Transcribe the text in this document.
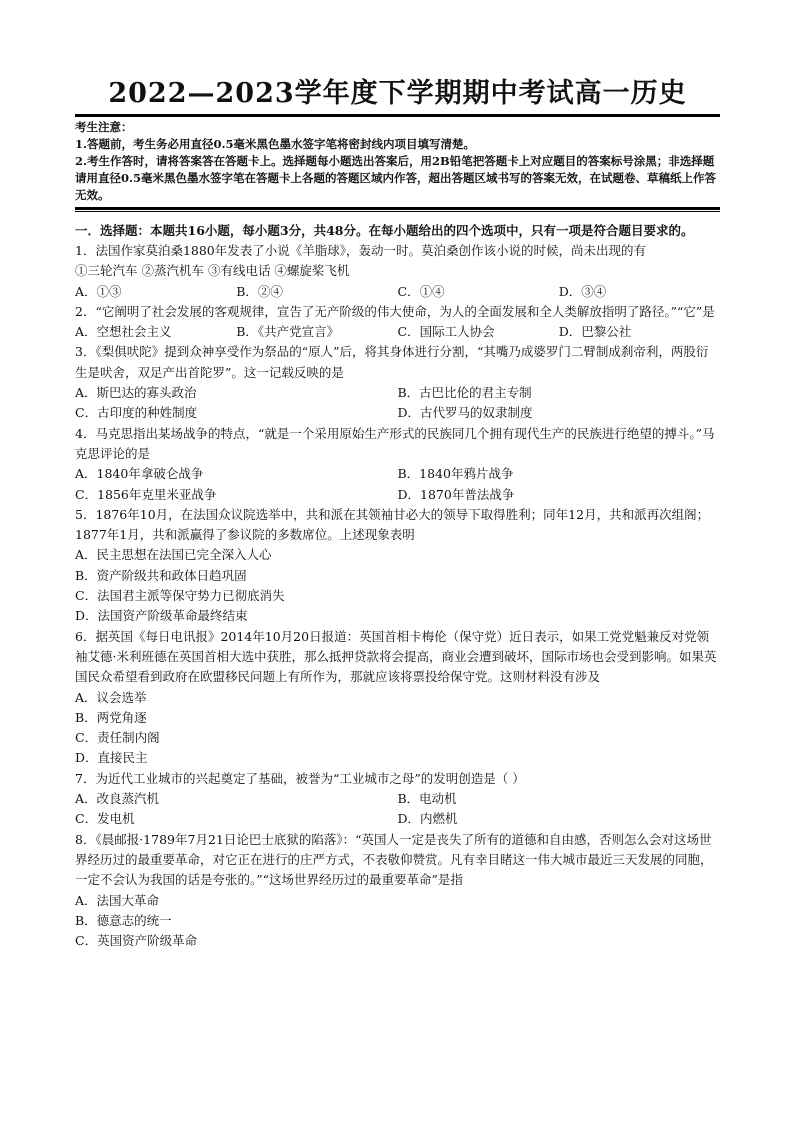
2022—2023学年度下学期期中考试高一历史
考生注意：
1.答题前，考生务必用直径0.5毫米黑色墨水签字笔将密封线内项目填写清楚。
2.考生作答时，请将答案答在答题卡上。选择题每小题选出答案后，用2B铅笔把答题卡上对应题目的答案标号涂黑；非选择题请用直径0.5毫米黑色墨水签字笔在答题卡上各题的答题区域内作答，超出答题区域书写的答案无效，在试题卷、草稿纸上作答无效。
一．选择题：本题共16小题，每小题3分，共48分。在每小题给出的四个选项中，只有一项是符合题目要求的。

1．法国作家莫泊桑1880年发表了小说《羊脂球》，轰动一时。莫泊桑创作该小说的时候，尚未出现的有

①三轮汽车 ②蒸汽机车 ③有线电话 ④螺旋桨飞机

A．①③	B．②④	C．①④	D．③④

2．“它阐明了社会发展的客观规律，宣告了无产阶级的伟大使命，为人的全面发展和全人类解放指明了路径。”“它”是

A．空想社会主义	B．《共产党宣言》	C．国际工人协会	D．巴黎公社

3．《梨俱吠陀》提到众神享受作为祭品的“原人”后，将其身体进行分割，“其嘴乃成婆罗门二臂制成刹帝利，两股衍生是吠舍，双足产出首陀罗”。这一记载反映的是

A．斯巴达的寡头政治	B．古巴比伦的君主专制
C．古印度的种姓制度	D．古代罗马的奴隶制度

4．马克思指出某场战争的特点，“就是一个采用原始生产形式的民族同几个拥有现代生产的民族进行绝望的搏斗。”马克思评论的是

A．1840年拿破仑战争	B．1840年鸦片战争
C．1856年克里米亚战争	D．1870年普法战争

5．1876年10月，在法国众议院选举中，共和派在其领袖甘必大的领导下取得胜利；同年12月，共和派再次组阁；1877年1月，共和派赢得了参议院的多数席位。上述现象表明

A．民主思想在法国已完全深入人心

B．资产阶级共和政体日趋巩固

C．法国君主派等保守势力已彻底消失

D．法国资产阶级革命最终结束

6．据英国《每日电讯报》2014年10月20日报道：英国首相卡梅伦（保守党）近日表示，如果工党党魁兼反对党领袖艾德·米利班德在英国首相大选中获胜，那么抵押贷款将会提高，商业会遭到破坏，国际市场也会受到影响。如果英国民众希望看到政府在欧盟移民问题上有所作为，那就应该将票投给保守党。这则材料没有涉及

A．议会选举

B．两党角逐

C．责任制内阁

D．直接民主

7．为近代工业城市的兴起奠定了基础，被誉为“工业城市之母”的发明创造是（ ）

A．改良蒸汽机	B．电动机
C．发电机	D．内燃机

8．《晨邮报·1789年7月21日论巴士底狱的陷落》：“英国人一定是丧失了所有的道德和自由感，否则怎么会对这场世界经历过的最重要革命，对它正在进行的庄严方式，不表敬仰赞赏。凡有幸目睹这一伟大城市最近三天发展的同胞，一定不会认为我国的话是夸张的。”“这场世界经历过的最重要革命”是指

A．法国大革命

B．德意志的统一

C．英国资产阶级革命
